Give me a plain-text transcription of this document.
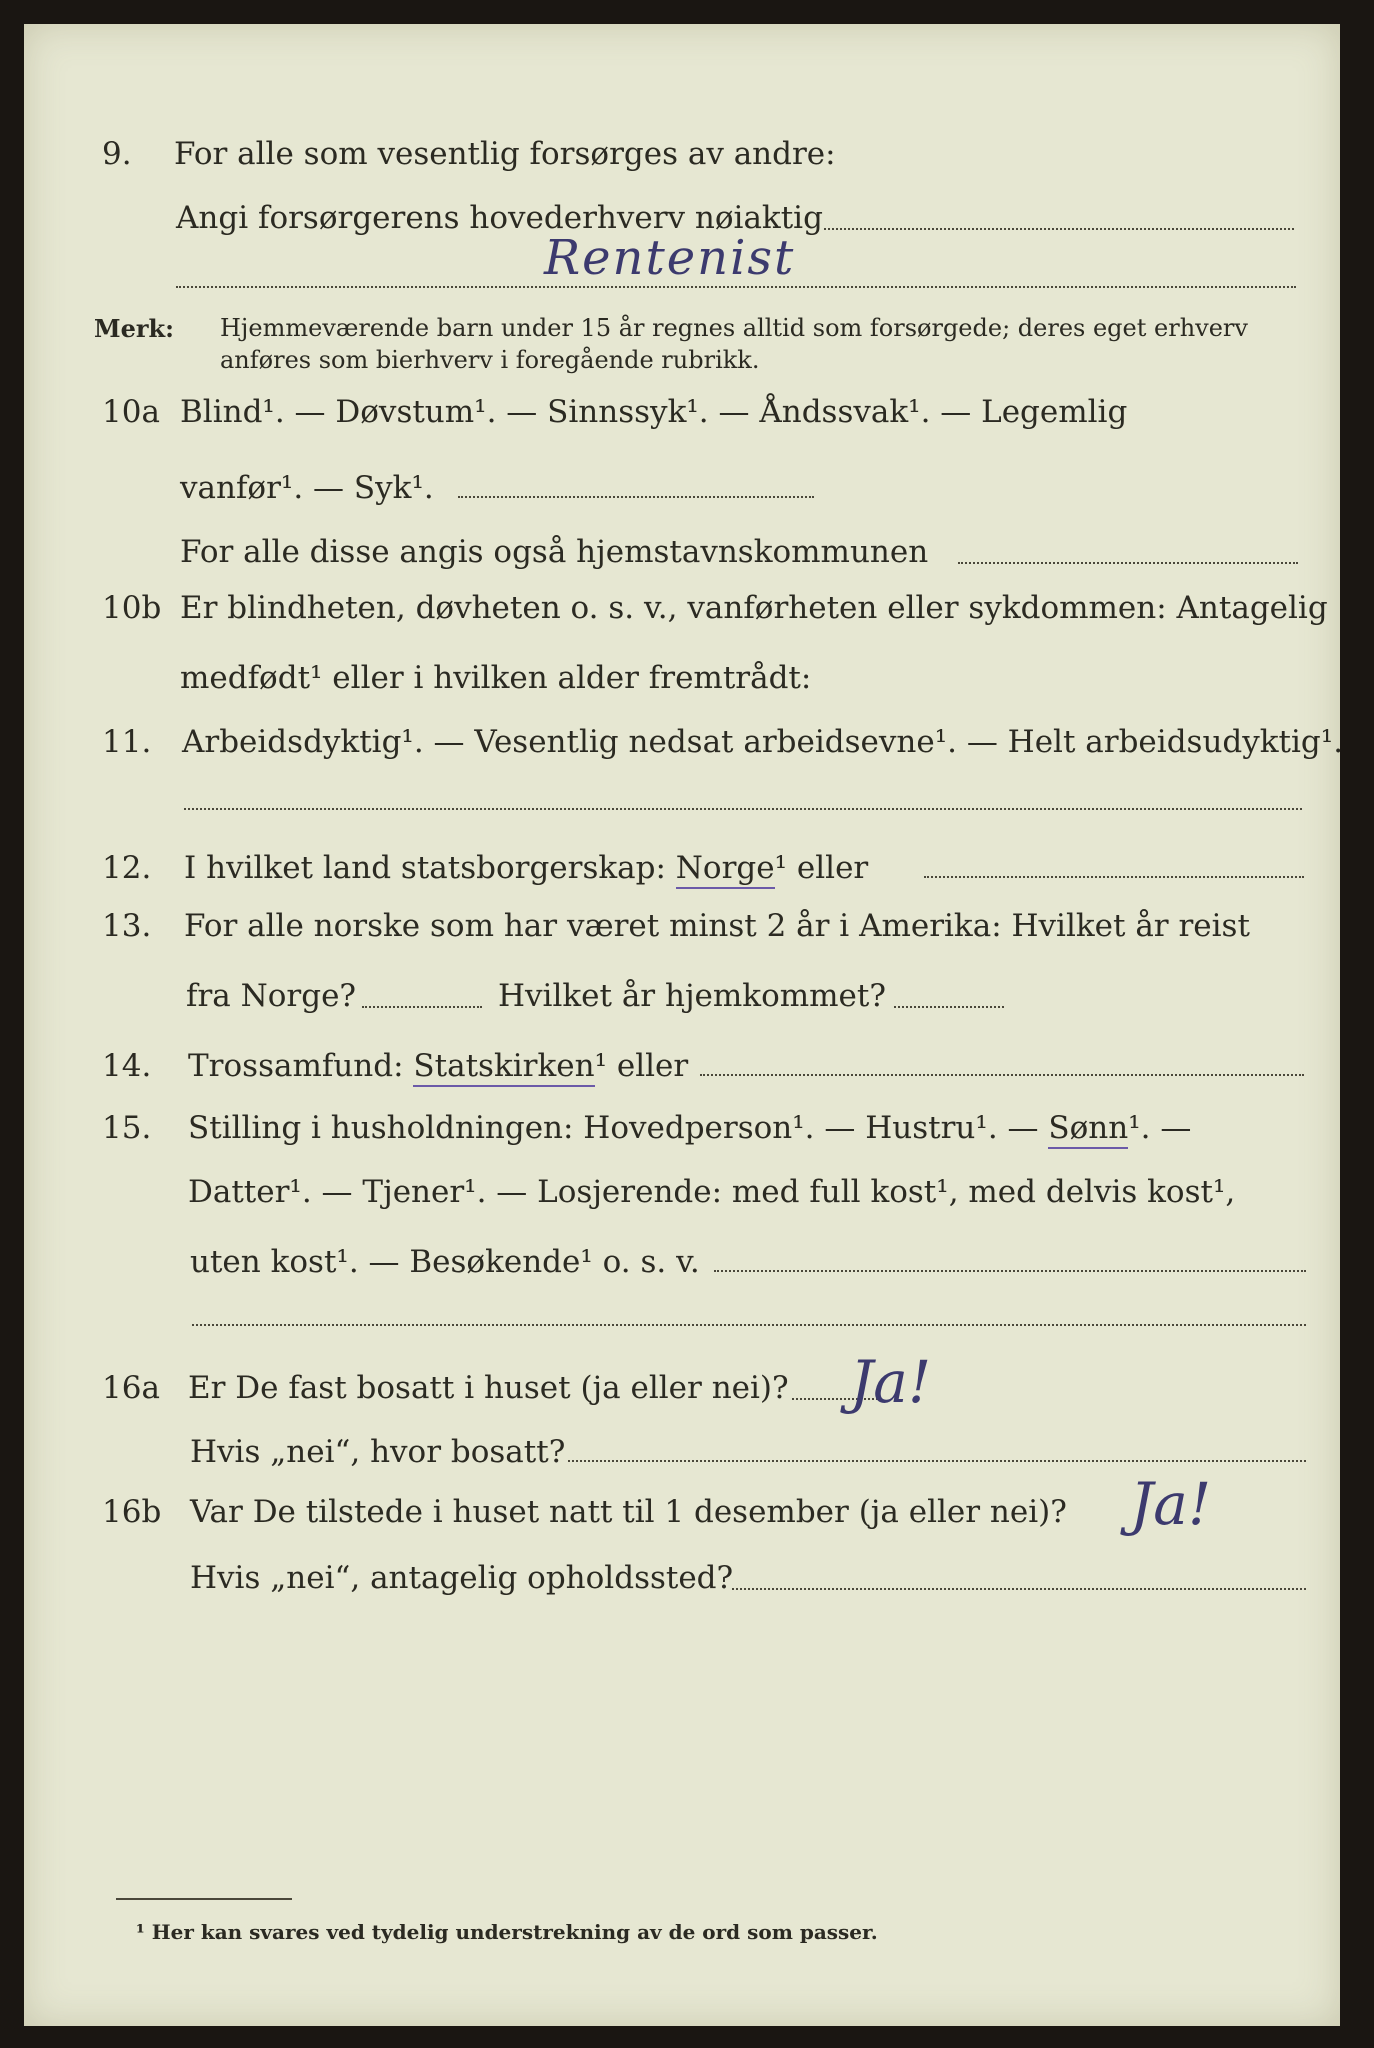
9. For alle som vesentlig forsørges av andre:
Angi forsørgerens hovederhverv nøiaktig
Rentenist
Merk: Hjemmeværende barn under 15 år regnes alltid som forsørgede; deres eget erhverv
anføres som bierhverv i foregående rubrikk.
10a Blind¹. — Døvstum¹. — Sinnssyk¹. — Åndssvak¹. — Legemlig
vanfør¹. — Syk¹.
For alle disse angis også hjemstavnskommunen
10b Er blindheten, døvheten o. s. v., vanførheten eller sykdommen: Antagelig
medfødt¹ eller i hvilken alder fremtrådt:
11. Arbeidsdyktig¹. — Vesentlig nedsat arbeidsevne¹. — Helt arbeidsudyktig¹.
12. I hvilket land statsborgerskap: Norge¹ eller
13. For alle norske som har været minst 2 år i Amerika: Hvilket år reist
fra Norge?	Hvilket år hjemkommet?
14. Trossamfund: Statskirken¹ eller
15. Stilling i husholdningen: Hovedperson¹. — Hustru¹. — Sønn¹. —
Datter¹. — Tjener¹. — Losjerende: med full kost¹, med delvis kost¹,
uten kost¹. — Besøkende¹ o. s. v.
16a Er De fast bosatt i huset (ja eller nei)? Ja!
Hvis „nei“, hvor bosatt?
16b Var De tilstede i huset natt til 1 desember (ja eller nei)? Ja!
Hvis „nei“, antagelig opholdssted?
¹ Her kan svares ved tydelig understrekning av de ord som passer.
